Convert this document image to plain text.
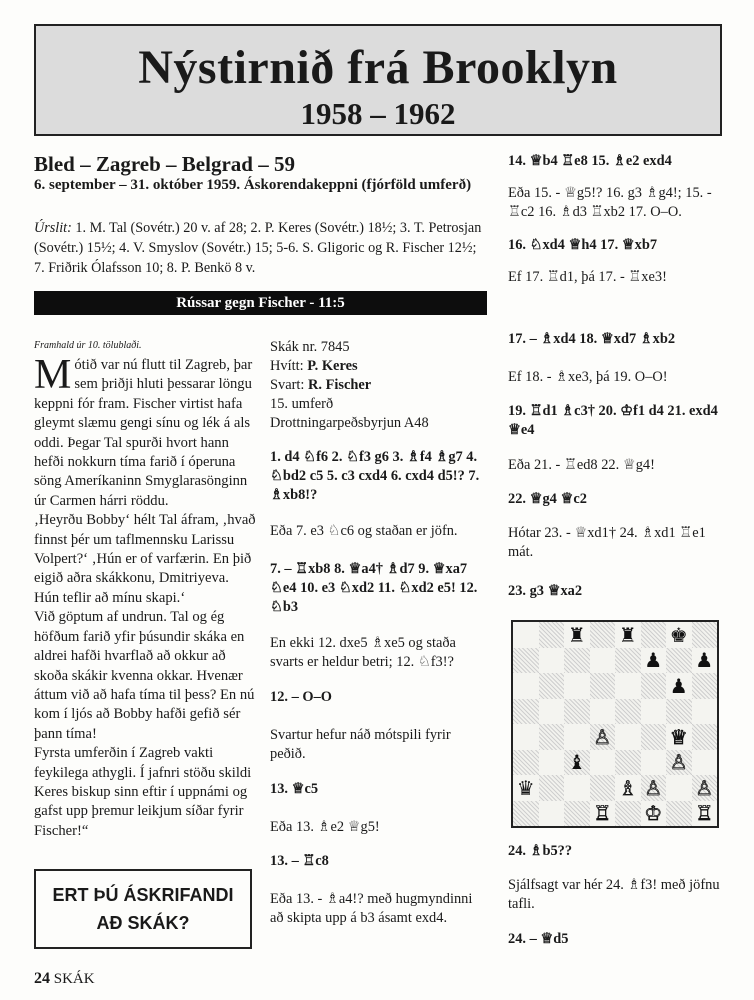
Nýstirnið frá Brooklyn
1958 – 1962
Bled – Zagreb – Belgrad – 59
6. september – 31. október 1959. Áskorendakeppni (fjórföld umferð)
Úrslit: 1. M. Tal (Sovétr.) 20 v. af 28; 2. P. Keres (Sovétr.) 18½; 3. T. Petrosjan (Sovétr.) 15½; 4. V. Smyslov (Sovétr.) 15; 5-6. S. Gligoric og R. Fischer 12½; 7. Friðrik Ólafsson 10; 8. P. Benkö 8 v.
Rússar gegn Fischer - 11:5
Framhald úr 10. tölublaði.

Mótið var nú flutt til Zagreb, þar sem þriðji hluti þessarar löngu keppni fór fram. Fischer virtist hafa gleymt slæmu gengi sínu og lék á als oddi. Þegar Tal spurði hvort hann hefði nokkurn tíma farið í óperuna söng Ameríkaninn Smyglarasönginn úr Carmen hárri röddu.

‚Heyrðu Bobby‘ hélt Tal áfram, ‚hvað finnst þér um taflmennsku Larissu Volpert?‘ ‚Hún er of varfærin. En þið eigið aðra skákkonu, Dmitriyeva. Hún teflir að mínu skapi.‘

Við göptum af undrun. Tal og ég höfðum farið yfir þúsundir skáka en aldrei hafði hvarflað að okkur að skoða skákir kvenna okkar. Hvenær áttum við að hafa tíma til þess? En nú kom í ljós að Bobby hafði gefið sér þann tíma!

Fyrsta umferðin í Zagreb vakti feykilega athygli. Í jafnri stöðu skildi Keres biskup sinn eftir í uppnámi og gafst upp þremur leikjum síðar fyrir Fischer!“

ERT ÞÚ ÁSKRIFANDI
AÐ SKÁK?
Skák nr. 7845
Hvítt: P. Keres
Svart: R. Fischer
15. umferð
Drottningarpeðsbyrjun A48
1. d4 ♘f6 2. ♘f3 g6 3. ♗f4 ♗g7 4. ♘bd2 c5 5. c3 cxd4 6. cxd4 d5!? 7. ♗xb8!?
Eða 7. e3 ♘c6 og staðan er jöfn.
7. – ♖xb8 8. ♕a4† ♗d7 9. ♕xa7 ♘e4 10. e3 ♘xd2 11. ♘xd2 e5! 12. ♘b3
En ekki 12. dxe5 ♗xe5 og staða svarts er heldur betri; 12. ♘f3!?
12. – O–O
Svartur hefur náð mótspili fyrir peðið.
13. ♕c5
Eða 13. ♗e2 ♕g5!
13. – ♖c8
Eða 13. - ♗a4!? með hugmyndinni að skipta upp á b3 ásamt exd4.
14. ♕b4 ♖e8 15. ♗e2 exd4
Eða 15. - ♕g5!? 16. g3 ♗g4!; 15. - ♖c2 16. ♗d3 ♖xb2 17. O–O.
16. ♘xd4 ♕h4 17. ♕xb7
Ef 17. ♖d1, þá 17. - ♖xe3!
17. – ♗xd4 18. ♕xd7 ♗xb2
Ef 18. - ♗xe3, þá 19. O–O!
19. ♖d1 ♗c3† 20. ♔f1 d4 21. exd4 ♕e4
Eða 21. - ♖ed8 22. ♕g4!
22. ♕g4 ♕c2
Hótar 23. - ♕xd1† 24. ♗xd1 ♖e1 mát.
23. g3 ♕xa2
24. ♗b5??
Sjálfsagt var hér 24. ♗f3! með jöfnu tafli.
24. – ♕d5
♜ ♜ ♚
♟ ♟
♟
♙	♕
♝	♙
♛	♗ ♙ ♙
♖ ♔ ♖
24 SKÁK
